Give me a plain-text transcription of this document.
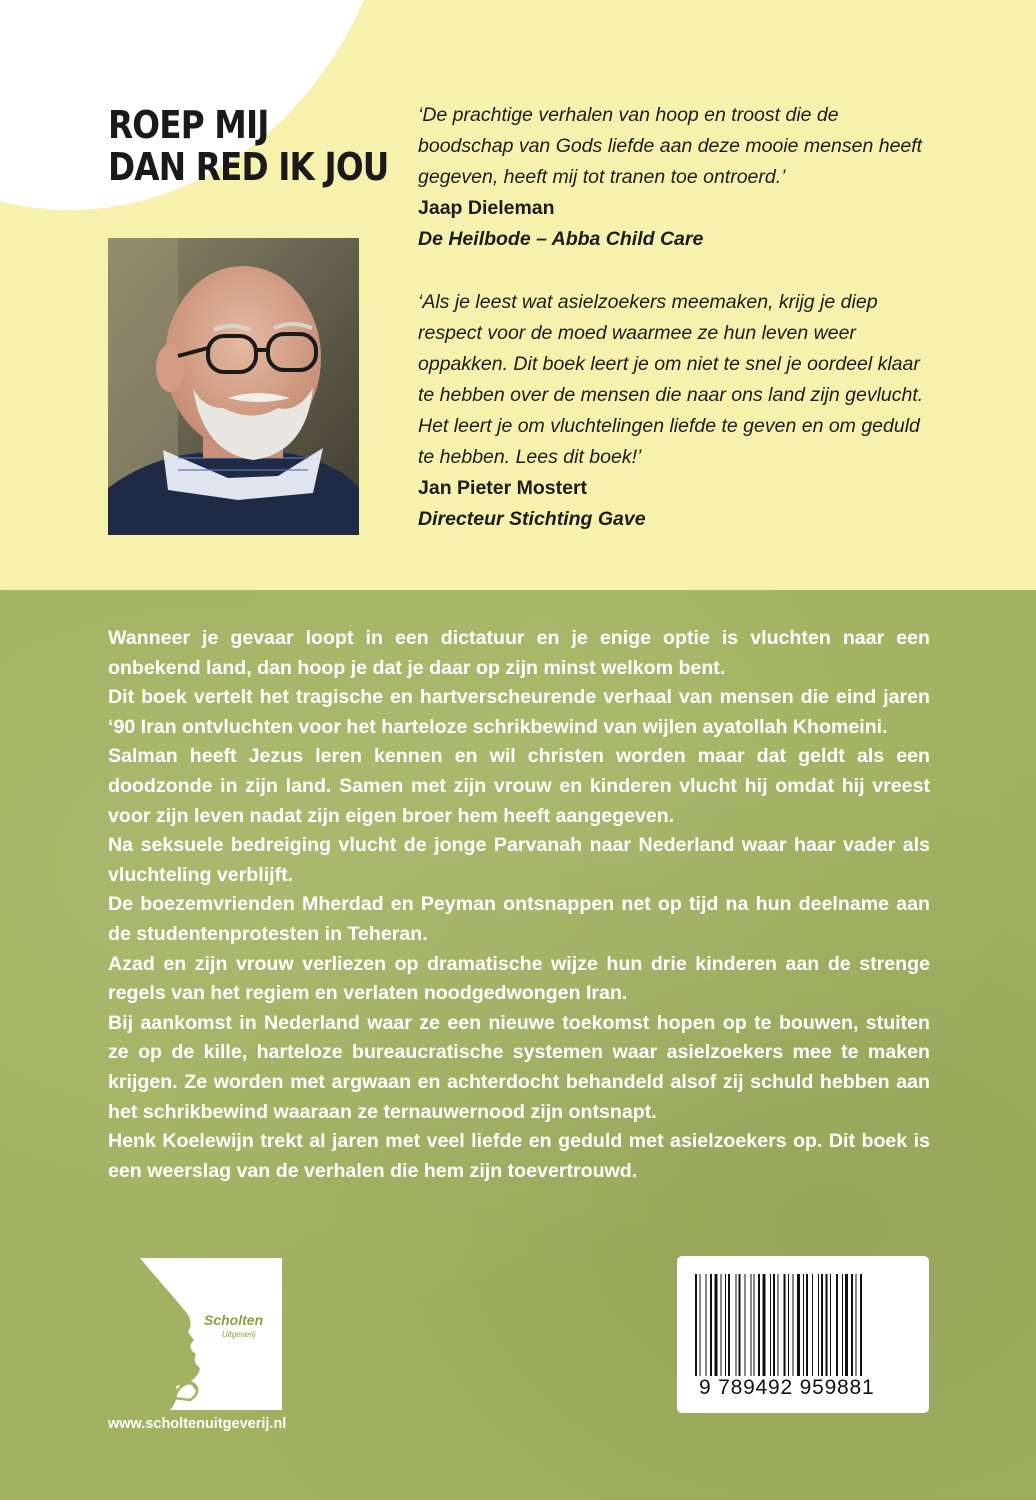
ROEP MIJ
DAN RED IK JOU

‘De prachtige verhalen van hoop en troost die de boodschap van Gods liefde aan deze mooie mensen heeft gegeven, heeft mij tot tranen toe ontroerd.’

Jaap Dieleman

De Heilbode – Abba Child Care

‘Als je leest wat asielzoekers meemaken, krijg je diep respect voor de moed waarmee ze hun leven weer oppakken. Dit boek leert je om niet te snel je oordeel klaar te hebben over de mensen die naar ons land zijn gevlucht. Het leert je om vluchtelingen liefde te geven en om geduld te hebben. Lees dit boek!’

Jan Pieter Mostert

Directeur Stichting Gave

Wanneer je gevaar loopt in een dictatuur en je enige optie is vluchten naar een onbekend land, dan hoop je dat je daar op zijn minst welkom bent.

Dit boek vertelt het tragische en hartverscheurende verhaal van mensen die eind jaren ‘90 Iran ontvluchten voor het harteloze schrikbewind van wijlen ayatollah Khomeini.

Salman heeft Jezus leren kennen en wil christen worden maar dat geldt als een doodzonde in zijn land. Samen met zijn vrouw en kinderen vlucht hij omdat hij vreest voor zijn leven nadat zijn eigen broer hem heeft aangegeven.

Na seksuele bedreiging vlucht de jonge Parvanah naar Nederland waar haar vader als vluchteling verblijft.

De boezemvrienden Mherdad en Peyman ontsnappen net op tijd na hun deelname aan de studentenprotesten in Teheran.

Azad en zijn vrouw verliezen op dramatische wijze hun drie kinderen aan de strenge regels van het regiem en verlaten noodgedwongen Iran.

Bij aankomst in Nederland waar ze een nieuwe toekomst hopen op te bouwen, stuiten ze op de kille, harteloze bureaucratische systemen waar asielzoekers mee te maken krijgen. Ze worden met argwaan en achterdocht behandeld alsof zij schuld hebben aan het schrikbewind waaraan ze ternauwernood zijn ontsnapt.

Henk Koelewijn trekt al jaren met veel liefde en geduld met asielzoekers op. Dit boek is een weerslag van de verhalen die hem zijn toevertrouwd.

Scholten
Uitgeverij
www.scholtenuitgeverij.nl
9 789492 959881
